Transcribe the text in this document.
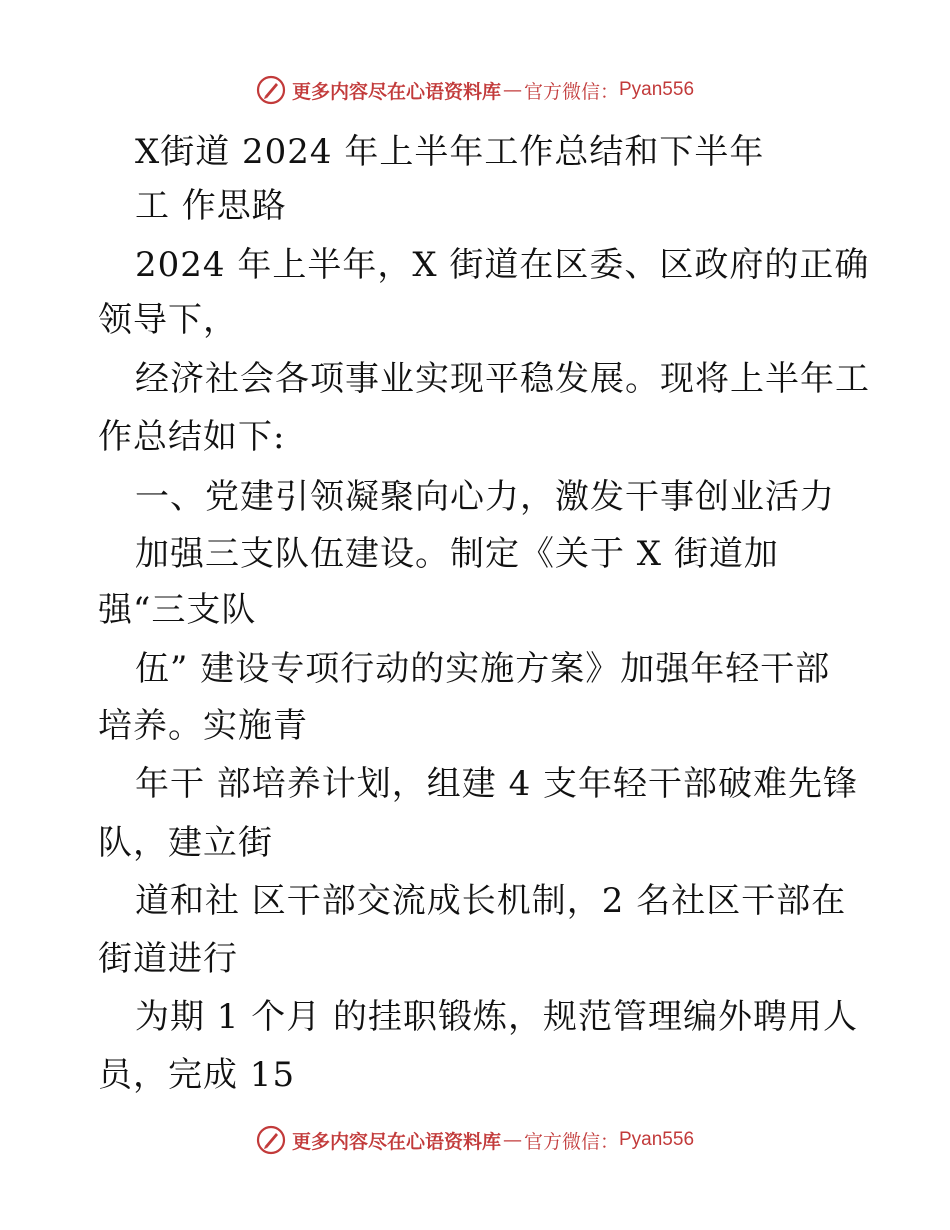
更多内容尽在心语资料库 — 官方微信： Pyan556
X街道 2024 年上半年工作总结和下半年
工 作思路
2024 年上半年，X 街道在区委、区政府的正确
领导下，
经济社会各项事业实现平稳发展。现将上半年工
作总结如下:
一、党建引领凝聚向心力，激发干事创业活力
加强三支队伍建设。制定《关于 X 街道加
强“三支队
伍” 建设专项行动的实施方案》加强年轻干部
培养。实施青
年干 部培养计划，组建 4 支年轻干部破难先锋
队，建立街
道和社 区干部交流成长机制，2 名社区干部在
街道进行
为期 1 个月 的挂职锻炼，规范管理编外聘用人
员，完成 15
更多内容尽在心语资料库 — 官方微信： Pyan556
